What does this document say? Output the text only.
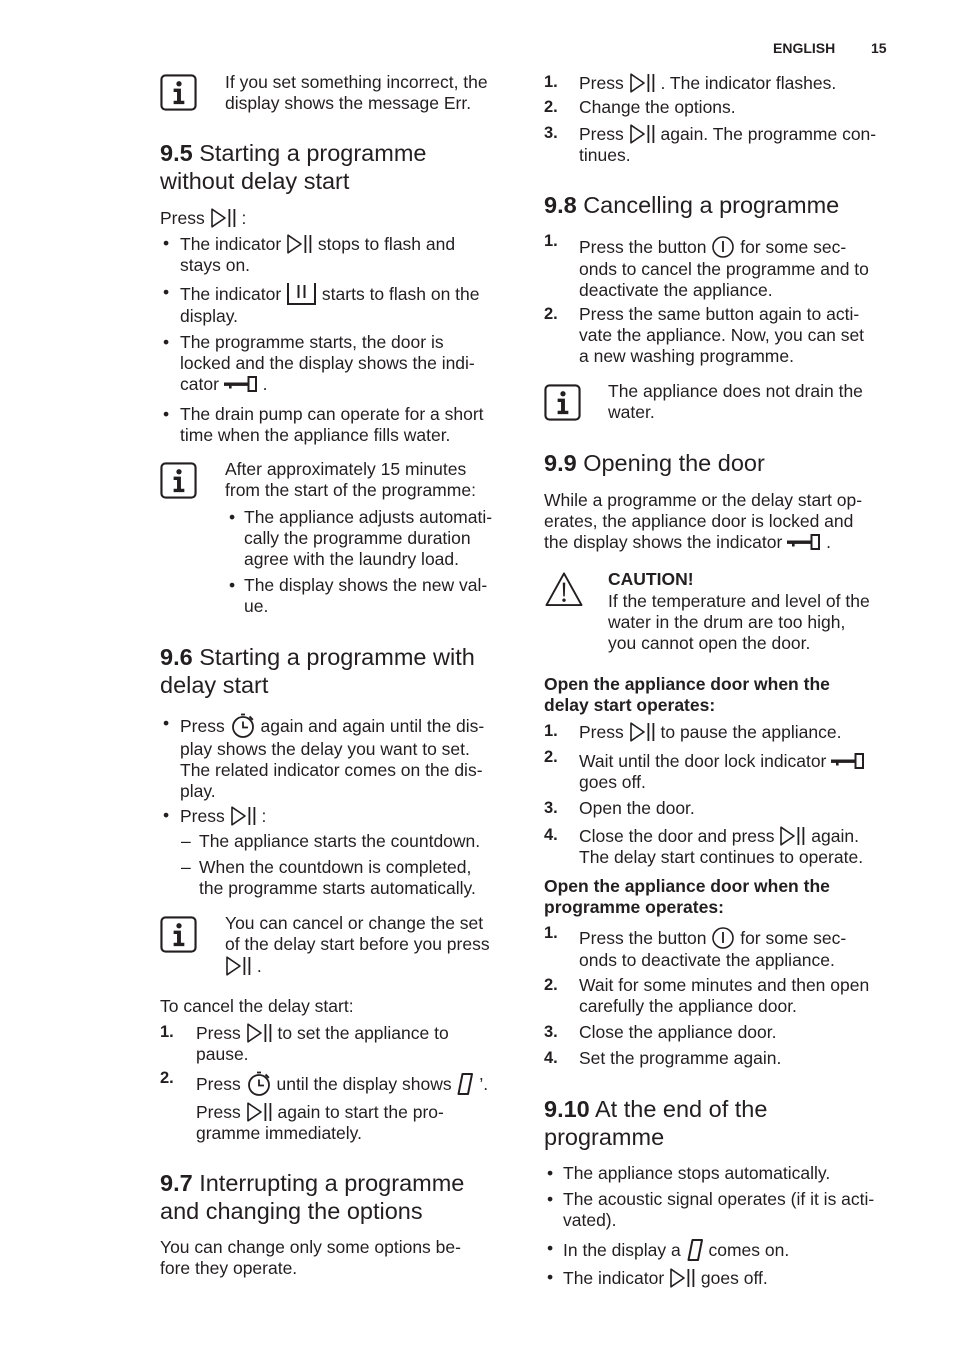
ENGLISH	15
If you set something incorrect, the
display shows the message Err.
9.5 Starting a programme
without delay start
Press :
• The indicator stops to flash and
stays on.
• The indicator starts to flash on the
display.
• The programme starts, the door is
locked and the display shows the indi-
cator	.
• The drain pump can operate for a short
time when the appliance fills water.
After approximately 15 minutes
from the start of the programme:
• The appliance adjusts automati-
cally the programme duration
agree with the laundry load.
• The display shows the new val-
ue.
9.6 Starting a programme with
delay start
• Press again and again until the dis-
play shows the delay you want to set.
The related indicator comes on the dis-
play.
• Press :
– The appliance starts the countdown.
– When the countdown is completed,
the programme starts automatically.
You can cancel or change the set
of the delay start before you press
.
To cancel the delay start:
1. Press to set the appliance to
pause.
2. Press until the display shows ’.
Press again to start the pro-
gramme immediately.
9.7 Interrupting a programme
and changing the options
You can change only some options be-
fore they operate.
1. Press . The indicator flashes.
2. Change the options.
3. Press again. The programme con-
tinues.
9.8 Cancelling a programme
1. Press the button for some sec-
onds to cancel the programme and to
deactivate the appliance.
2. Press the same button again to acti-
vate the appliance. Now, you can set
a new washing programme.
The appliance does not drain the
water.
9.9 Opening the door
While a programme or the delay start op-
erates, the appliance door is locked and
the display shows the indicator	.
CAUTION!
If the temperature and level of the
water in the drum are too high,
you cannot open the door.
Open the appliance door when the
delay start operates:
1. Press to pause the appliance.
2. Wait until the door lock indicator
goes off.
3. Open the door.
4. Close the door and press again.
The delay start continues to operate.
Open the appliance door when the
programme operates:
1. Press the button for some sec-
onds to deactivate the appliance.
2. Wait for some minutes and then open
carefully the appliance door.
3. Close the appliance door.
4. Set the programme again.
9.10 At the end of the
programme
• The appliance stops automatically.
• The acoustic signal operates (if it is acti-
vated).
• In the display a comes on.
• The indicator goes off.
